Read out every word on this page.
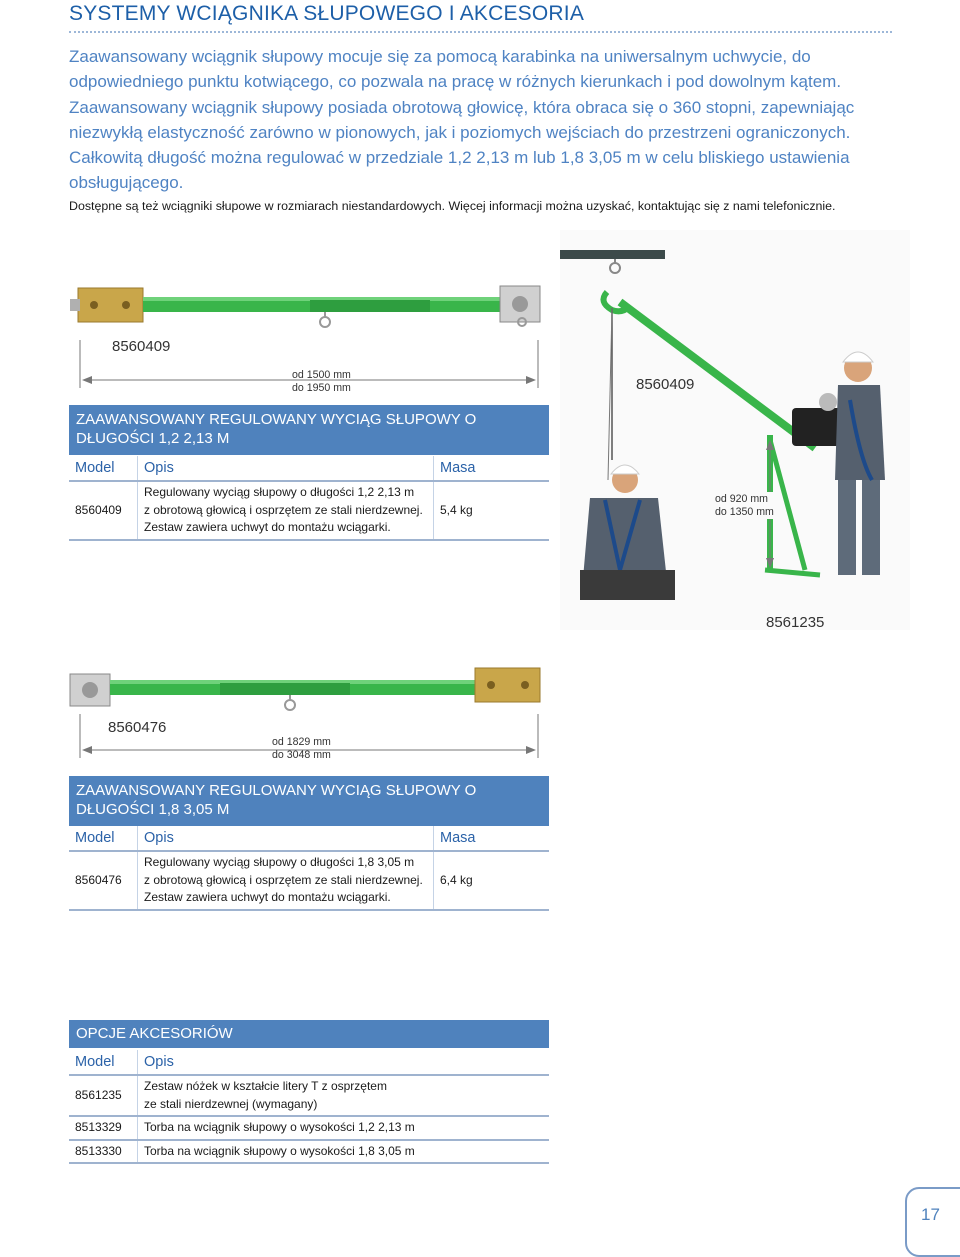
SYSTEMY WCIĄGNIKA SŁUPOWEGO I AKCESORIA

Zaawansowany wciągnik słupowy mocuje się za pomocą karabinka na uniwersalnym uchwycie, do odpowiedniego punktu kotwiącego, co pozwala na pracę w różnych kierunkach i pod dowolnym kątem. Zaawansowany wciągnik słupowy posiada obrotową głowicę, która obraca się o 360 stopni, zapewniając niezwykłą elastyczność zarówno w pionowych, jak i poziomych wejściach do przestrzeni ograniczonych. Całkowitą długość można regulować w przedziale 1,2 2,13 m lub 1,8 3,05 m w celu bliskiego ustawienia obsługującego.

Dostępne są też wciągniki słupowe w rozmiarach niestandardowych. Więcej informacji można uzyskać, kontaktując się z nami telefonicznie.
8560409
od 1500 mm
do 1950 mm
ZAAWANSOWANY REGULOWANY WYCIĄG SŁUPOWY O DŁUGOŚCI 1,2 2,13 M
Model	Opis	Masa
8560409	Regulowany wyciąg słupowy o długości 1,2 2,13 m
z obrotową głowicą i osprzętem ze stali nierdzewnej.
Zestaw zawiera uchwyt do montażu wciągarki.	5,4 kg
8560409
od 920 mm
do 1350 mm
8561235
8560476
od 1829 mm
do 3048 mm
ZAAWANSOWANY REGULOWANY WYCIĄG SŁUPOWY O DŁUGOŚCI 1,8 3,05 M
Model	Opis	Masa
8560476	Regulowany wyciąg słupowy o długości 1,8 3,05 m
z obrotową głowicą i osprzętem ze stali nierdzewnej.
Zestaw zawiera uchwyt do montażu wciągarki.	6,4 kg
OPCJE AKCESORIÓW
Model	Opis
8561235	Zestaw nóżek w kształcie litery T z osprzętem
ze stali nierdzewnej (wymagany)

8513329	Torba na wciągnik słupowy o wysokości 1,2 2,13 m
8513330	Torba na wciągnik słupowy o wysokości 1,8 3,05 m
17
